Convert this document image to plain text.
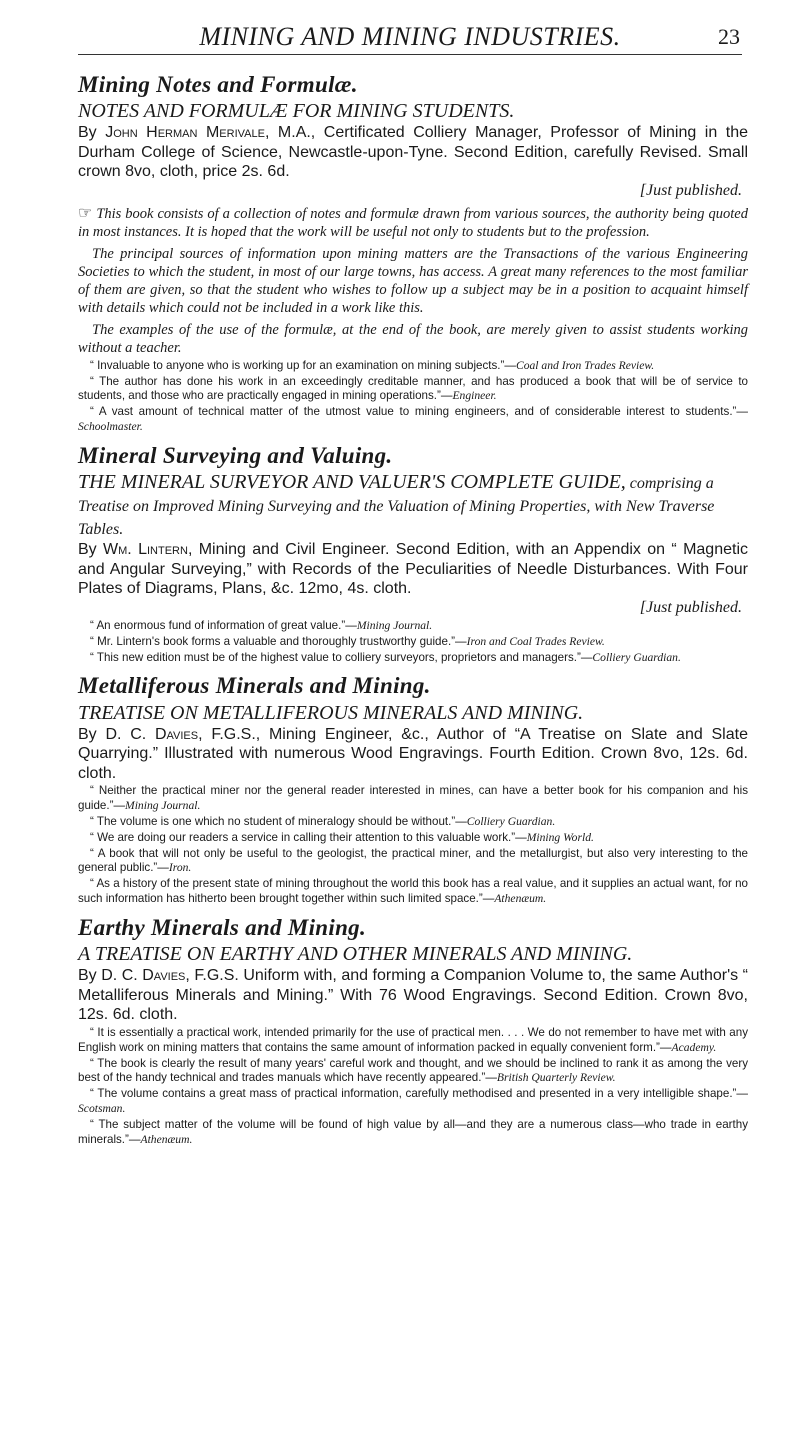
MINING AND MINING INDUSTRIES.	23
Mining Notes and Formulæ.

NOTES AND FORMULÆ FOR MINING STUDENTS.

By John Herman Merivale, M.A., Certificated Colliery Manager, Professor of Mining in the Durham College of Science, Newcastle-upon-Tyne. Second Edition, carefully Revised. Small crown 8vo, cloth, price 2s. 6d.

[Just published.

☞ This book consists of a collection of notes and formulæ drawn from various sources, the authority being quoted in most instances. It is hoped that the work will be useful not only to students but to the profession.

The principal sources of information upon mining matters are the Transactions of the various Engineering Societies to which the student, in most of our large towns, has access. A great many references to the most familiar of them are given, so that the student who wishes to follow up a subject may be in a position to acquaint himself with details which could not be included in a work like this.

The examples of the use of the formulæ, at the end of the book, are merely given to assist students working without a teacher.

“ Invaluable to anyone who is working up for an examination on mining subjects.”—Coal and Iron Trades Review.

“ The author has done his work in an exceedingly creditable manner, and has produced a book that will be of service to students, and those who are practically engaged in mining operations.”—Engineer.

“ A vast amount of technical matter of the utmost value to mining engineers, and of considerable interest to students.”—Schoolmaster.

Mineral Surveying and Valuing.

THE MINERAL SURVEYOR AND VALUER'S COMPLETE GUIDE, comprising a Treatise on Improved Mining Surveying and the Valuation of Mining Properties, with New Traverse Tables.

By Wm. Lintern, Mining and Civil Engineer. Second Edition, with an Appendix on “ Magnetic and Angular Surveying,” with Records of the Peculiarities of Needle Disturbances. With Four Plates of Diagrams, Plans, &c. 12mo, 4s. cloth.

[Just published.

“ An enormous fund of information of great value.”—Mining Journal.

“ Mr. Lintern's book forms a valuable and thoroughly trustworthy guide.”—Iron and Coal Trades Review.

“ This new edition must be of the highest value to colliery surveyors, proprietors and managers.”—Colliery Guardian.

Metalliferous Minerals and Mining.

TREATISE ON METALLIFEROUS MINERALS AND MINING.

By D. C. Davies, F.G.S., Mining Engineer, &c., Author of “A Treatise on Slate and Slate Quarrying.” Illustrated with numerous Wood Engravings. Fourth Edition. Crown 8vo, 12s. 6d. cloth.

“ Neither the practical miner nor the general reader interested in mines, can have a better book for his companion and his guide.”—Mining Journal.

“ The volume is one which no student of mineralogy should be without.”—Colliery Guardian.

“ We are doing our readers a service in calling their attention to this valuable work.”—Mining World.

“ A book that will not only be useful to the geologist, the practical miner, and the metallurgist, but also very interesting to the general public.”—Iron.

“ As a history of the present state of mining throughout the world this book has a real value, and it supplies an actual want, for no such information has hitherto been brought together within such limited space.”—Athenæum.

Earthy Minerals and Mining.

A TREATISE ON EARTHY AND OTHER MINERALS AND MINING.

By D. C. Davies, F.G.S. Uniform with, and forming a Companion Volume to, the same Author's “ Metalliferous Minerals and Mining.” With 76 Wood Engravings. Second Edition. Crown 8vo, 12s. 6d. cloth.

“ It is essentially a practical work, intended primarily for the use of practical men. . . . We do not remember to have met with any English work on mining matters that contains the same amount of information packed in equally convenient form.”—Academy.

“ The book is clearly the result of many years' careful work and thought, and we should be inclined to rank it as among the very best of the handy technical and trades manuals which have recently appeared.”—British Quarterly Review.

“ The volume contains a great mass of practical information, carefully methodised and presented in a very intelligible shape.”—Scotsman.

“ The subject matter of the volume will be found of high value by all—and they are a numerous class—who trade in earthy minerals.”—Athenæum.
